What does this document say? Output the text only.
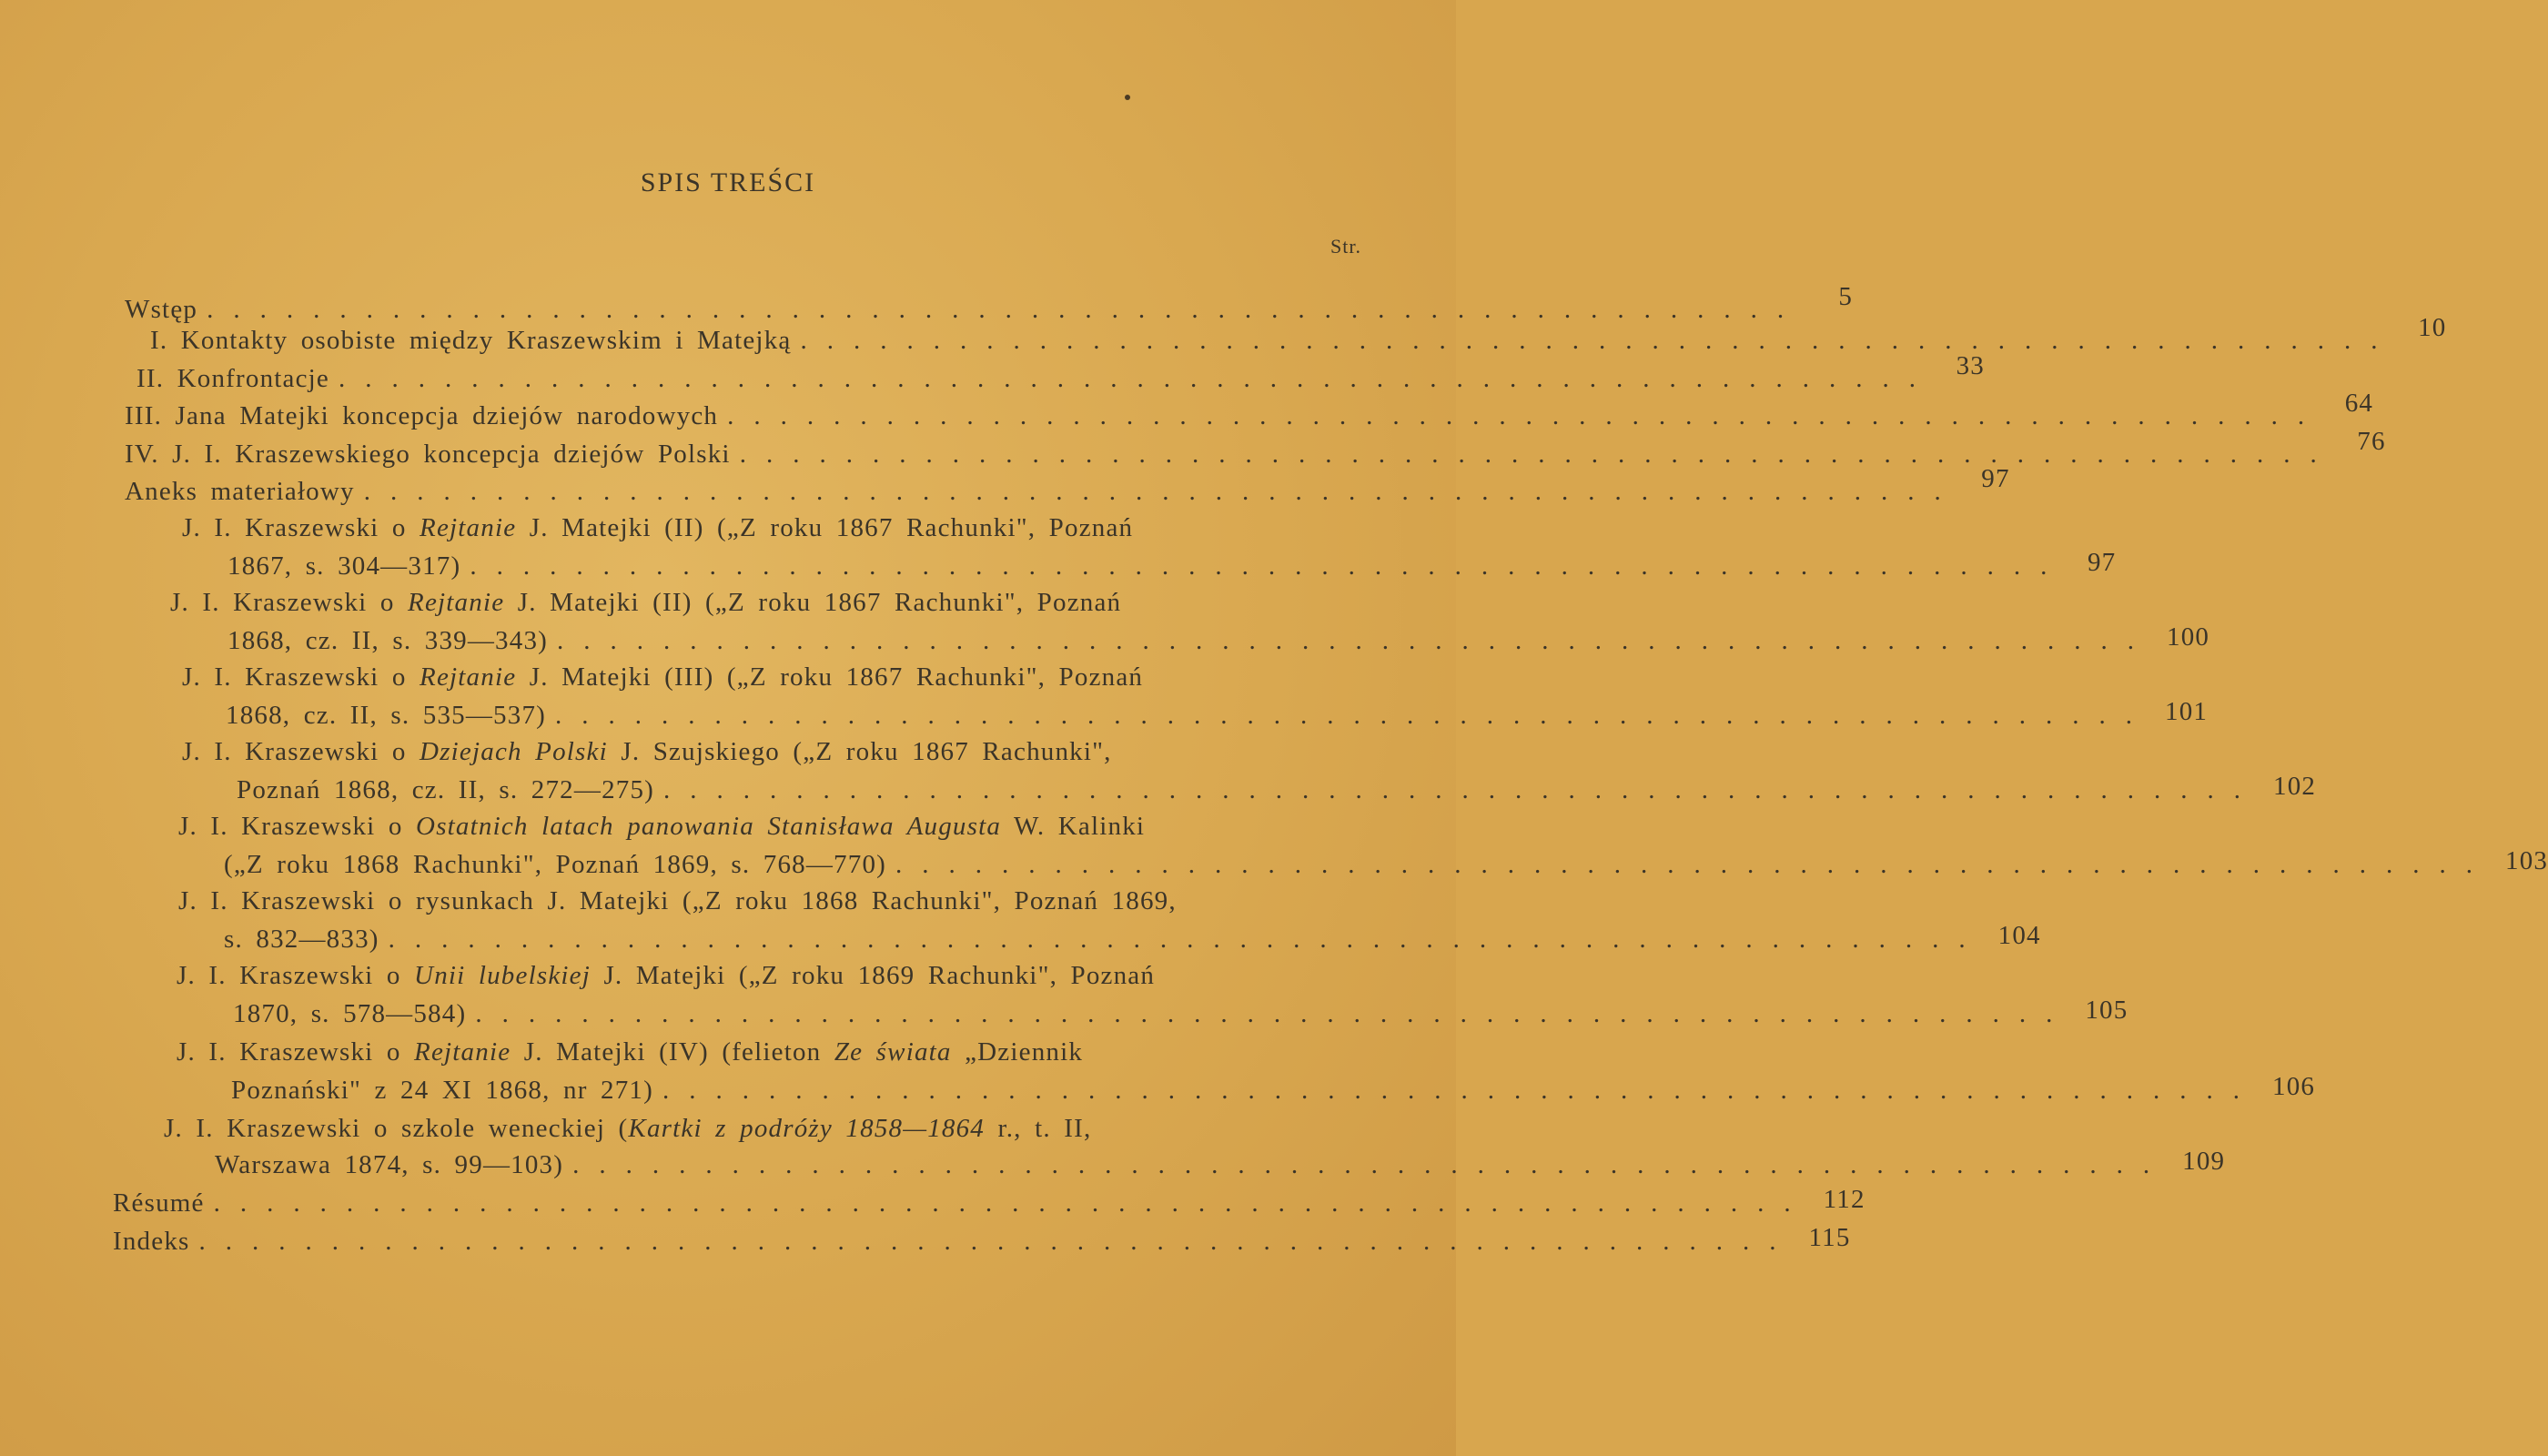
SPIS TREŚCI
Str.
Wstęp ............................................................	5
I. Kontakty osobiste między Kraszewskim i Matejką ............................................................ 10
II. Konfrontacje ............................................................ 33
III. Jana Matejki koncepcja dziejów narodowych ............................................................ 64
IV. J. I. Kraszewskiego koncepcja dziejów Polski ............................................................ 76
Aneks materiałowy ............................................................ 97
J. I. Kraszewski o Rejtanie J. Matejki (II) („Z roku 1867 Rachunki", Poznań
1867, s. 304—317) ............................................................ 97
J. I. Kraszewski o Rejtanie J. Matejki (II) („Z roku 1867 Rachunki", Poznań
1868, cz. II, s. 339—343) ............................................................ 100
J. I. Kraszewski o Rejtanie J. Matejki (III) („Z roku 1867 Rachunki", Poznań
1868, cz. II, s. 535—537) ............................................................ 101
J. I. Kraszewski o Dziejach Polski J. Szujskiego („Z roku 1867 Rachunki",
Poznań 1868, cz. II, s. 272—275) ............................................................ 102
J. I. Kraszewski o Ostatnich latach panowania Stanisława Augusta W. Kalinki
(„Z roku 1868 Rachunki", Poznań 1869, s. 768—770) ............................................................ 103
J. I. Kraszewski o rysunkach J. Matejki („Z roku 1868 Rachunki", Poznań 1869,
s. 832—833) ............................................................ 104
J. I. Kraszewski o Unii lubelskiej J. Matejki („Z roku 1869 Rachunki", Poznań
1870, s. 578—584) ............................................................ 105
J. I. Kraszewski o Rejtanie J. Matejki (IV) (felieton Ze świata „Dziennik
Poznański" z 24 XI 1868, nr 271) ............................................................ 106
J. I. Kraszewski o szkole weneckiej (Kartki z podróży 1858—1864 r., t. II,
Warszawa 1874, s. 99—103) ............................................................ 109
Résumé ............................................................ 112
Indeks ............................................................ 115
